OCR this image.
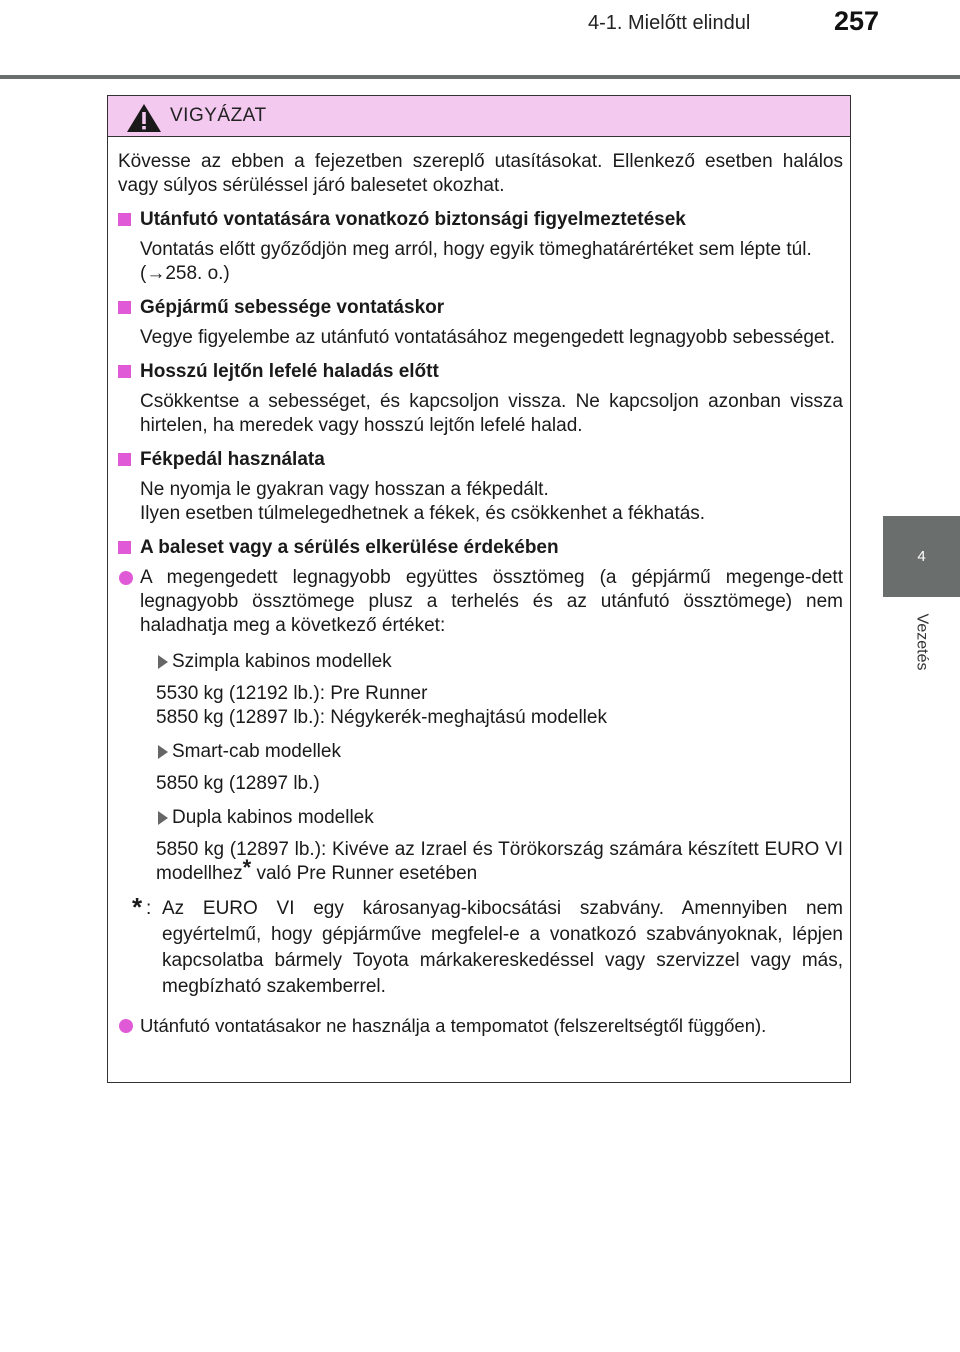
4-1. Mielőtt elindul	257
4
Vezetés
VIGYÁZAT
Kövesse az ebben a fejezetben szereplő utasításokat. Ellenkező esetben halálos vagy súlyos sérüléssel járó balesetet okozhat.
Utánfutó vontatására vonatkozó biztonsági figyelmeztetések
Vontatás előtt győződjön meg arról, hogy egyik tömeghatárértéket sem lépte túl.
(→258. o.)
Gépjármű sebessége vontatáskor
Vegye figyelembe az utánfutó vontatásához megengedett legnagyobb sebességet.
Hosszú lejtőn lefelé haladás előtt
Csökkentse a sebességet, és kapcsoljon vissza. Ne kapcsoljon azonban vissza hirtelen, ha meredek vagy hosszú lejtőn lefelé halad.
Fékpedál használata
Ne nyomja le gyakran vagy hosszan a fékpedált.
Ilyen esetben túlmelegedhetnek a fékek, és csökkenhet a fékhatás.
A baleset vagy a sérülés elkerülése érdekében
A megengedett legnagyobb együttes össztömeg (a gépjármű megenge-dett legnagyobb össztömege plusz a terhelés és az utánfutó össztömege) nem haladhatja meg a következő értéket:
Szimpla kabinos modellek
5530 kg (12192 lb.): Pre Runner
5850 kg (12897 lb.): Négykerék-meghajtású modellek
Smart-cab modellek
5850 kg (12897 lb.)
Dupla kabinos modellek
5850 kg (12897 lb.): Kivéve az Izrael és Törökország számára készített EURO VI modellhez* való Pre Runner esetében
* : Az EURO VI egy károsanyag-kibocsátási szabvány. Amennyiben nem egyértelmű, hogy gépjárműve megfelel-e a vonatkozó szabványoknak, lépjen kapcsolatba bármely Toyota márkakereskedéssel vagy szervizzel vagy más, megbízható szakemberrel.
Utánfutó vontatásakor ne használja a tempomatot (felszereltségtől függően).
